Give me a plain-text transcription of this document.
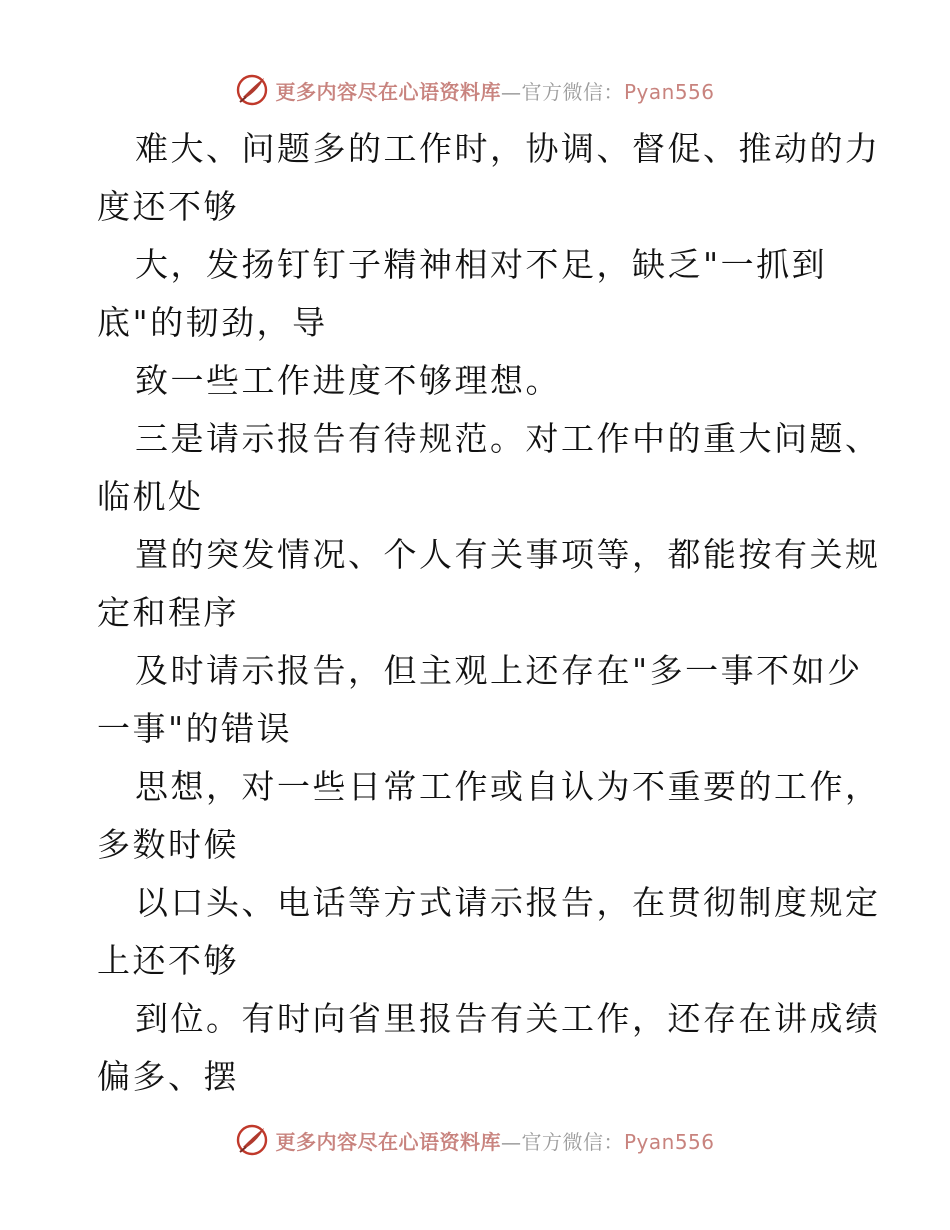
更多内容尽在心语资料库—官方微信：Pyan556
难大、问题多的工作时，协调、督促、推动的力
度还不够
大，发扬钉钉子精神相对不足，缺乏"一抓到
底"的韧劲，导
致一些工作进度不够理想。
三是请示报告有待规范。对工作中的重大问题、
临机处
置的突发情况、个人有关事项等，都能按有关规
定和程序
及时请示报告，但主观上还存在"多一事不如少
一事"的错误
思想，对一些日常工作或自认为不重要的工作，
多数时候
以口头、电话等方式请示报告，在贯彻制度规定
上还不够
到位。有时向省里报告有关工作，还存在讲成绩
偏多、摆
更多内容尽在心语资料库—官方微信：Pyan556
